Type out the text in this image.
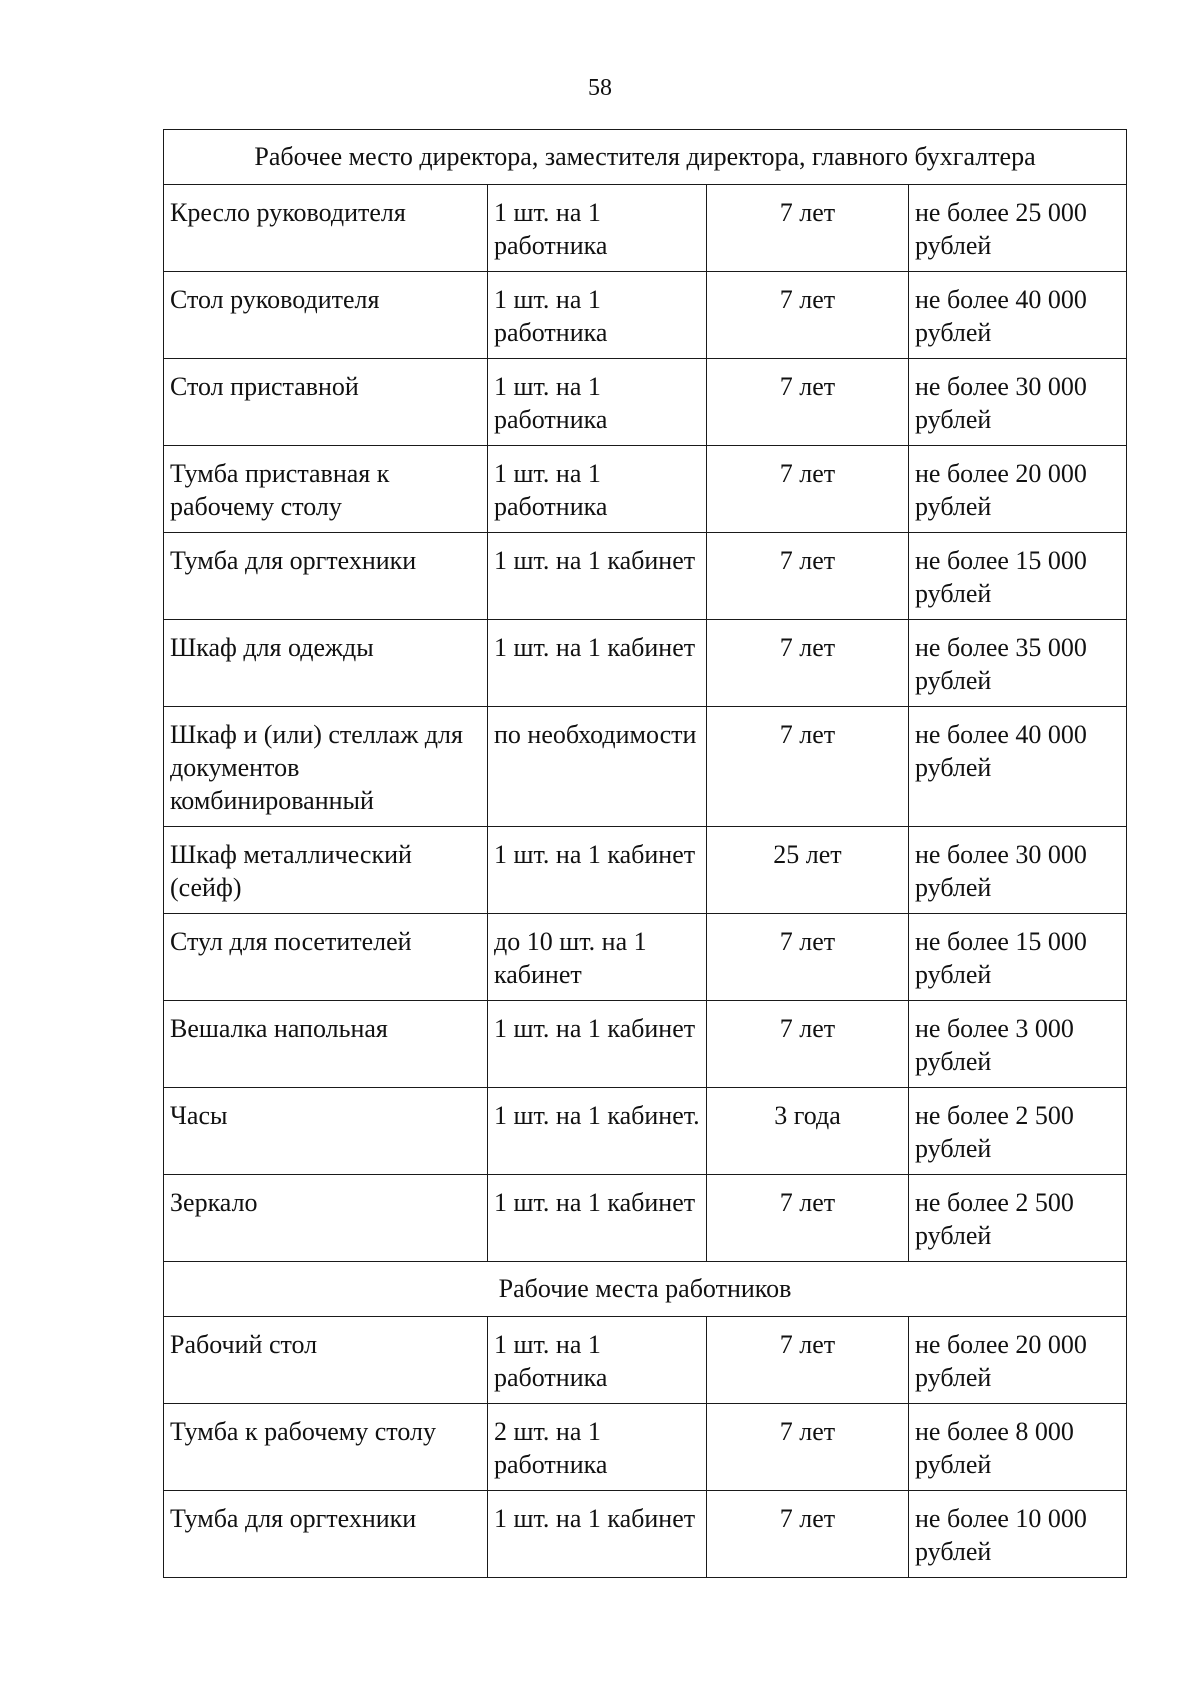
58
Рабочее место директора, заместителя директора, главного бухгалтера			
Кресло руководителя	1 шт. на 1 работника	7 лет	не более 25 000 рублей
Стол руководителя	1 шт. на 1 работника	7 лет	не более 40 000 рублей
Стол приставной	1 шт. на 1 работника	7 лет	не более 30 000 рублей
Тумба приставная к рабочему столу	1 шт. на 1 работника	7 лет	не более 20 000 рублей
Тумба для оргтехники	1 шт. на 1 кабинет	7 лет	не более 15 000 рублей
Шкаф для одежды	1 шт. на 1 кабинет	7 лет	не более 35 000 рублей
Шкаф и (или) стеллаж для документов комбинированный	по необходимости	7 лет	не более 40 000 рублей
Шкаф металлический (сейф)	1 шт. на 1 кабинет	25 лет	не более 30 000 рублей
Стул для посетителей	до 10 шт. на 1 кабинет	7 лет	не более 15 000 рублей
Вешалка напольная	1 шт. на 1 кабинет	7 лет	не более 3 000 рублей
Часы	1 шт. на 1 кабинет.	3 года	не более 2 500 рублей
Зеркало	1 шт. на 1 кабинет	7 лет	не более 2 500 рублей
Рабочие места работников			
Рабочий стол	1 шт. на 1 работника	7 лет	не более 20 000 рублей
Тумба к рабочему столу	2 шт. на 1 работника	7 лет	не более 8 000 рублей
Тумба для оргтехники	1 шт. на 1 кабинет	7 лет	не более 10 000 рублей
